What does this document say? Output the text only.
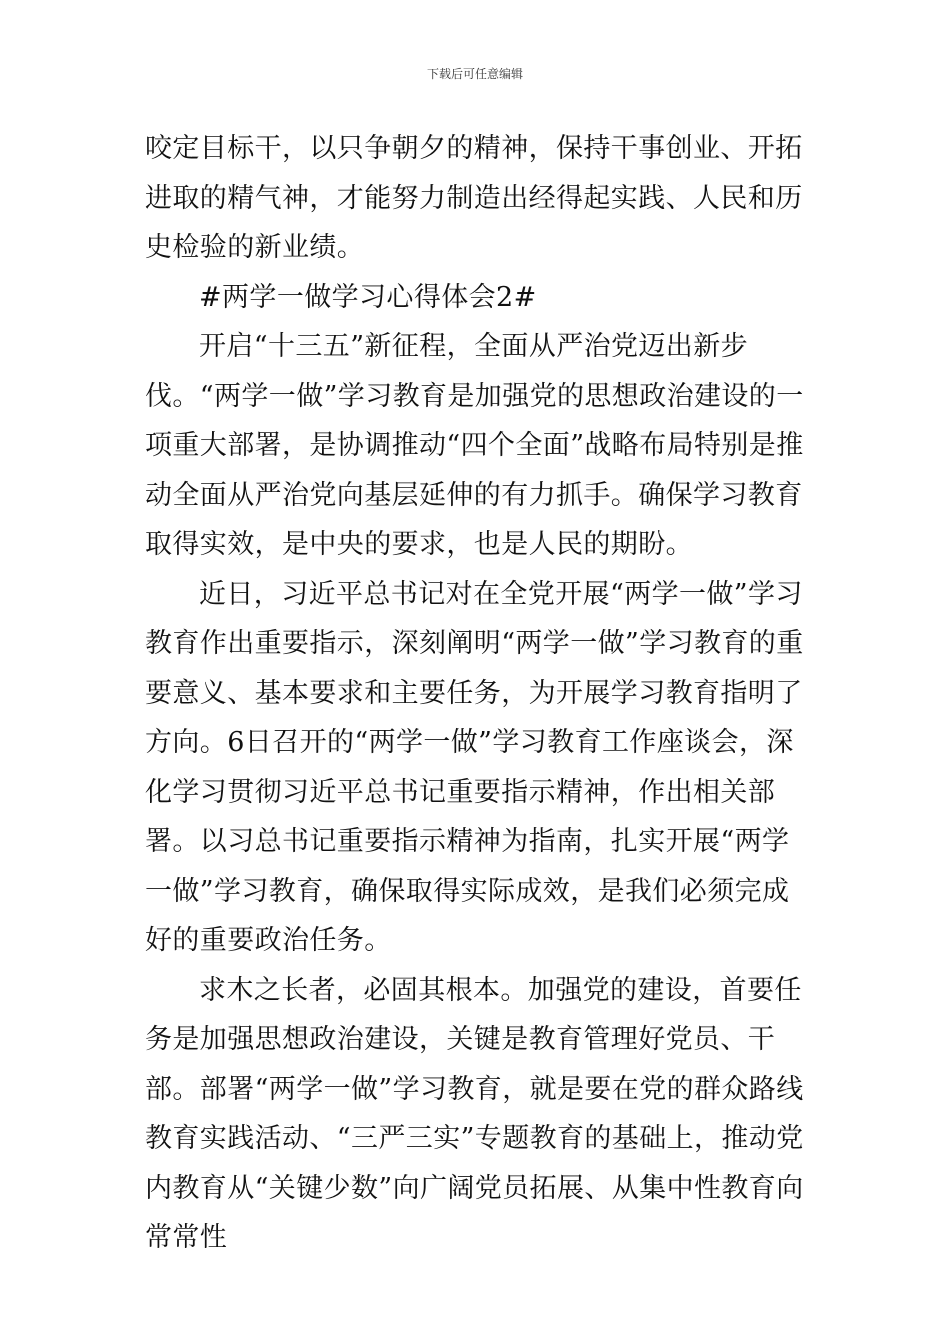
下载后可任意编辑

咬定目标干，以只争朝夕的精神，保持干事创业、开拓进取的精气神，才能努力制造出经得起实践、人民和历史检验的新业绩。

#两学一做学习心得体会2#

开启“十三五”新征程，全面从严治党迈出新步伐。“两学一做”学习教育是加强党的思想政治建设的一项重大部署，是协调推动“四个全面”战略布局特别是推动全面从严治党向基层延伸的有力抓手。确保学习教育取得实效，是中央的要求，也是人民的期盼。

近日，习近平总书记对在全党开展“两学一做”学习教育作出重要指示，深刻阐明“两学一做”学习教育的重要意义、基本要求和主要任务，为开展学习教育指明了方向。6日召开的“两学一做”学习教育工作座谈会，深化学习贯彻习近平总书记重要指示精神，作出相关部署。以习总书记重要指示精神为指南，扎实开展“两学一做”学习教育，确保取得实际成效，是我们必须完成好的重要政治任务。

求木之长者，必固其根本。加强党的建设，首要任务是加强思想政治建设，关键是教育管理好党员、干部。部署“两学一做”学习教育，就是要在党的群众路线教育实践活动、“三严三实”专题教育的基础上，推动党内教育从“关键少数”向广阔党员拓展、从集中性教育向常常性
